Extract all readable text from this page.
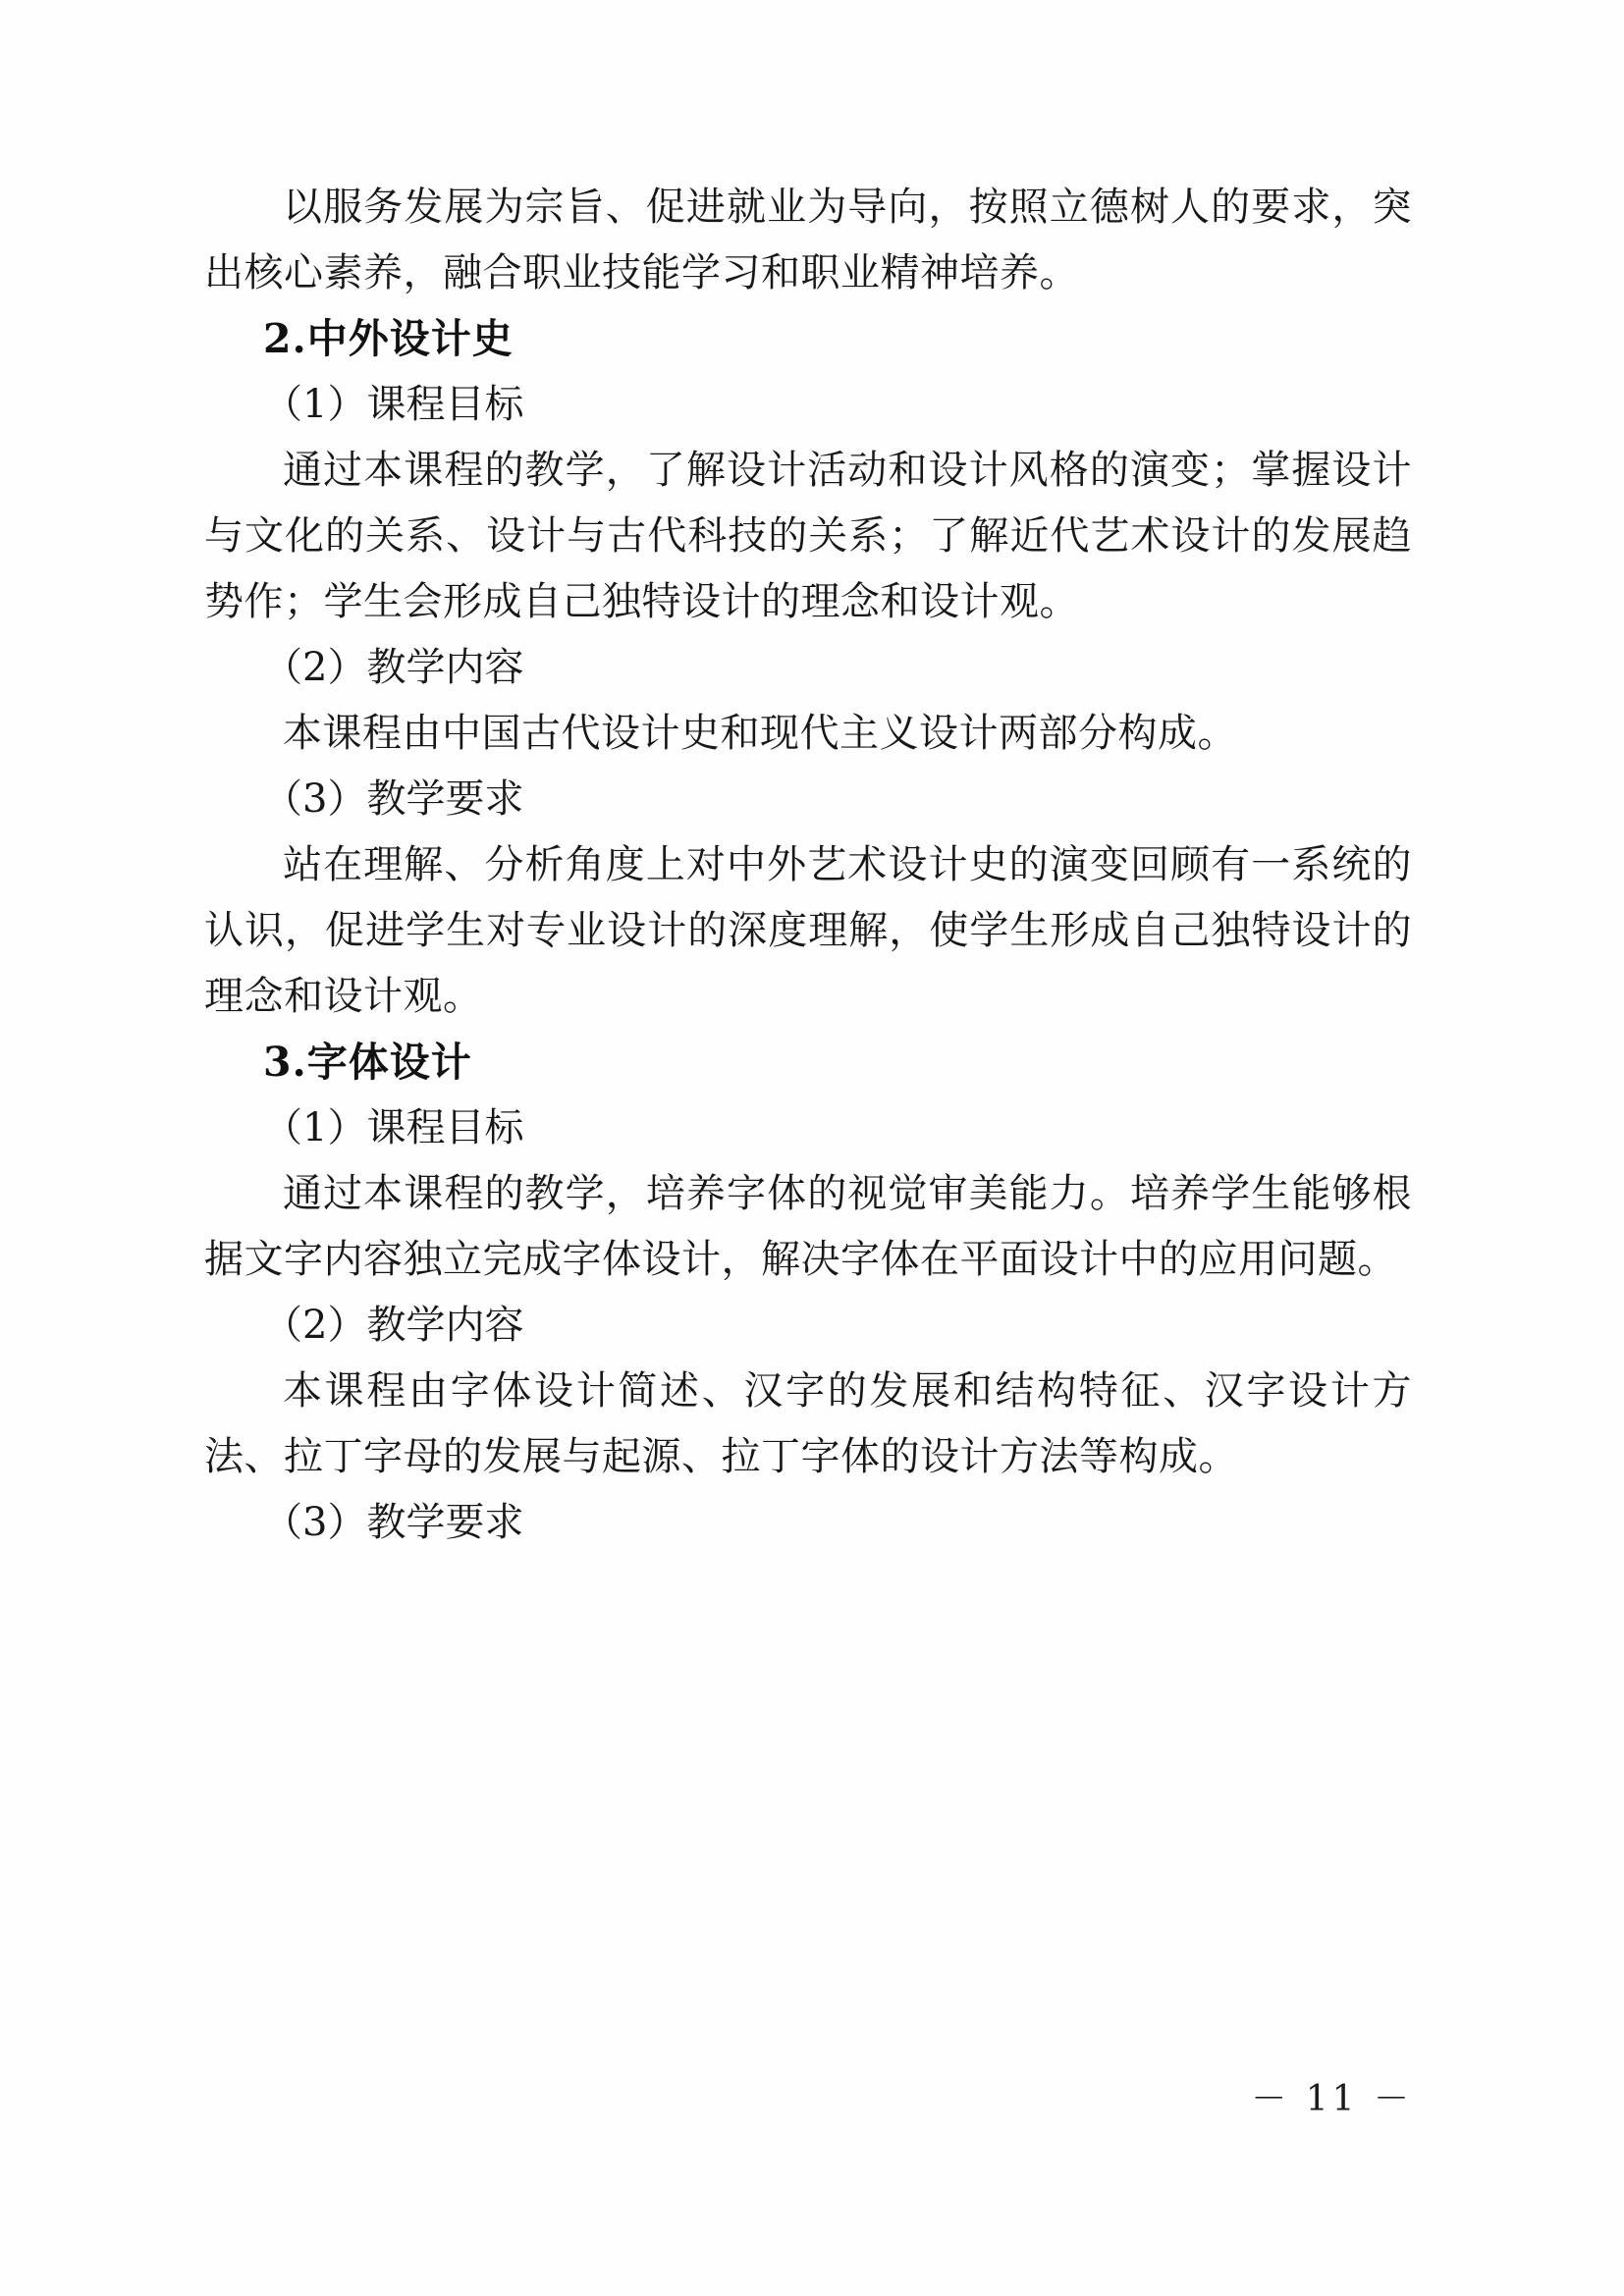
以服务发展为宗旨、促进就业为导向，按照立德树人的要求，突出核心素养，融合职业技能学习和职业精神培养。

2.中外设计史

（1）课程目标

通过本课程的教学，了解设计活动和设计风格的演变；掌握设计与文化的关系、设计与古代科技的关系；了解近代艺术设计的发展趋势作；学生会形成自己独特设计的理念和设计观。

（2）教学内容

本课程由中国古代设计史和现代主义设计两部分构成。

（3）教学要求

站在理解、分析角度上对中外艺术设计史的演变回顾有一系统的认识，促进学生对专业设计的深度理解，使学生形成自己独特设计的理念和设计观。

3.字体设计

（1）课程目标

通过本课程的教学，培养字体的视觉审美能力。培养学生能够根据文字内容独立完成字体设计，解决字体在平面设计中的应用问题。

（2）教学内容

本课程由字体设计简述、汉字的发展和结构特征、汉字设计方法、拉丁字母的发展与起源、拉丁字体的设计方法等构成。

（3）教学要求

－ 11 －
